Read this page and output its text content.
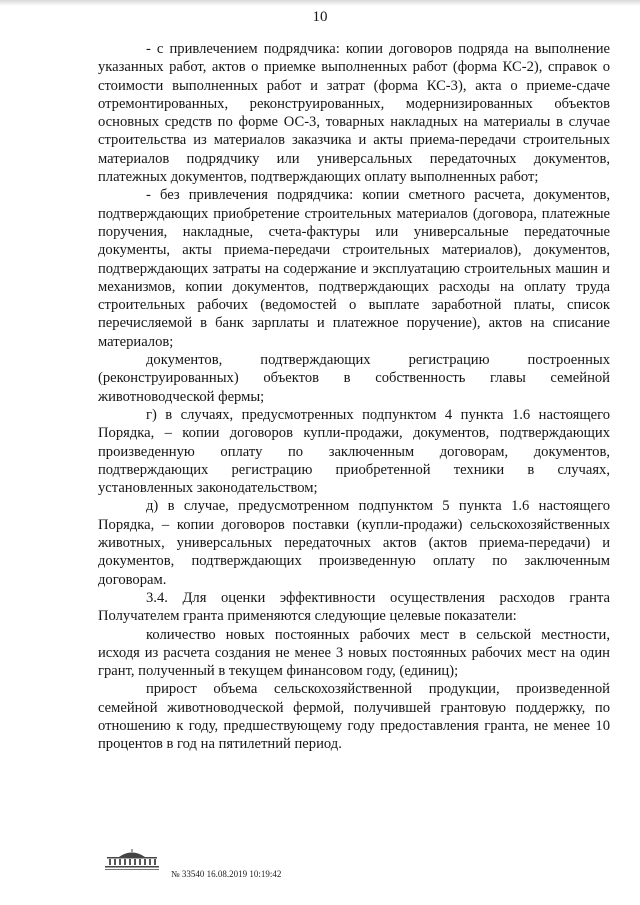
10

- с привлечением подрядчика: копии договоров подряда на выполнение указанных работ, актов о приемке выполненных работ (форма КС-2), справок о стоимости выполненных работ и затрат (форма КС-3), акта о приеме-сдаче отремонтированных, реконструированных, модернизированных объектов основных средств по форме ОС-3, товарных накладных на материалы в случае строительства из материалов заказчика и акты приема-передачи строительных материалов подрядчику или универсальных передаточных документов, платежных документов, подтверждающих оплату выполненных работ;

- без привлечения подрядчика: копии сметного расчета, документов, подтверждающих приобретение строительных материалов (договора, платежные поручения, накладные, счета-фактуры или универсальные передаточные документы, акты приема-передачи строительных материалов), документов, подтверждающих затраты на содержание и эксплуатацию строительных машин и механизмов, копии документов, подтверждающих расходы на оплату труда строительных рабочих (ведомостей о выплате заработной платы, список перечисляемой в банк зарплаты и платежное поручение), актов на списание материалов;

документов, подтверждающих регистрацию построенных (реконструированных) объектов в собственность главы семейной животноводческой фермы;

г) в случаях, предусмотренных подпунктом 4 пункта 1.6 настоящего Порядка, – копии договоров купли-продажи, документов, подтверждающих произведенную оплату по заключенным договорам, документов, подтверждающих регистрацию приобретенной техники в случаях, установленных законодательством;

д) в случае, предусмотренном подпунктом 5 пункта 1.6 настоящего Порядка, – копии договоров поставки (купли-продажи) сельскохозяйственных животных, универсальных передаточных актов (актов приема-передачи) и документов, подтверждающих произведенную оплату по заключенным договорам.

3.4. Для оценки эффективности осуществления расходов гранта Получателем гранта применяются следующие целевые показатели:

количество новых постоянных рабочих мест в сельской местности, исходя из расчета создания не менее 3 новых постоянных рабочих мест на один грант, полученный в текущем финансовом году, (единиц);

прирост объема сельскохозяйственной продукции, произведенной семейной животноводческой фермой, получившей грантовую поддержку, по отношению к году, предшествующему году предоставления гранта, не менее 10 процентов в год на пятилетний период.

№ 33540 16.08.2019 10:19:42
